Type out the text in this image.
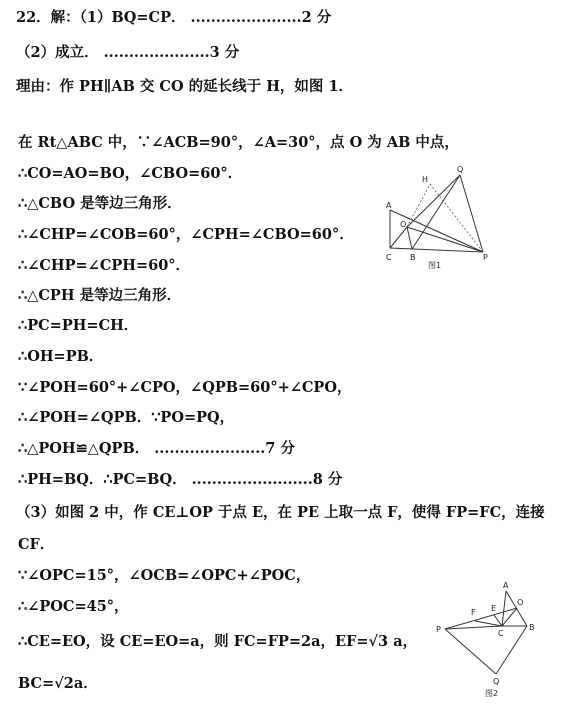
22．解：（1）BQ=CP． ......................2 分
（2）成立． .....................3 分
理由：作 PH∥AB 交 CO 的延长线于 H，如图 1．
在 Rt△ABC 中，∵∠ACB=90°，∠A=30°，点 O 为 AB 中点，
∴CO=AO=BO，∠CBO=60°．
∴△CBO 是等边三角形．
∴∠CHP=∠COB=60°，∠CPH=∠CBO=60°．
∴∠CHP=∠CPH=60°．
∴△CPH 是等边三角形．
∴PC=PH=CH．
∴OH=PB．
∵∠POH=60°+∠CPO，∠QPB=60°+∠CPO，
∴∠POH=∠QPB．∵PO=PQ，
∴△POH≌△QPB． ......................7 分
∴PH=BQ．∴PC=BQ． ........................8 分
（3）如图 2 中，作 CE⊥OP 于点 E，在 PE 上取一点 F，使得 FP=FC，连接
CF．
∵∠OPC=15°，∠OCB=∠OPC+∠POC，
∴∠POC=45°，
∴CE=EO，设 CE=EO=a，则 FC=FP=2a，EF=√3 a，
BC=√2a．
H
Q
A
O
C B	P
图1
A
F E
O
P	C
B
Q
图2
